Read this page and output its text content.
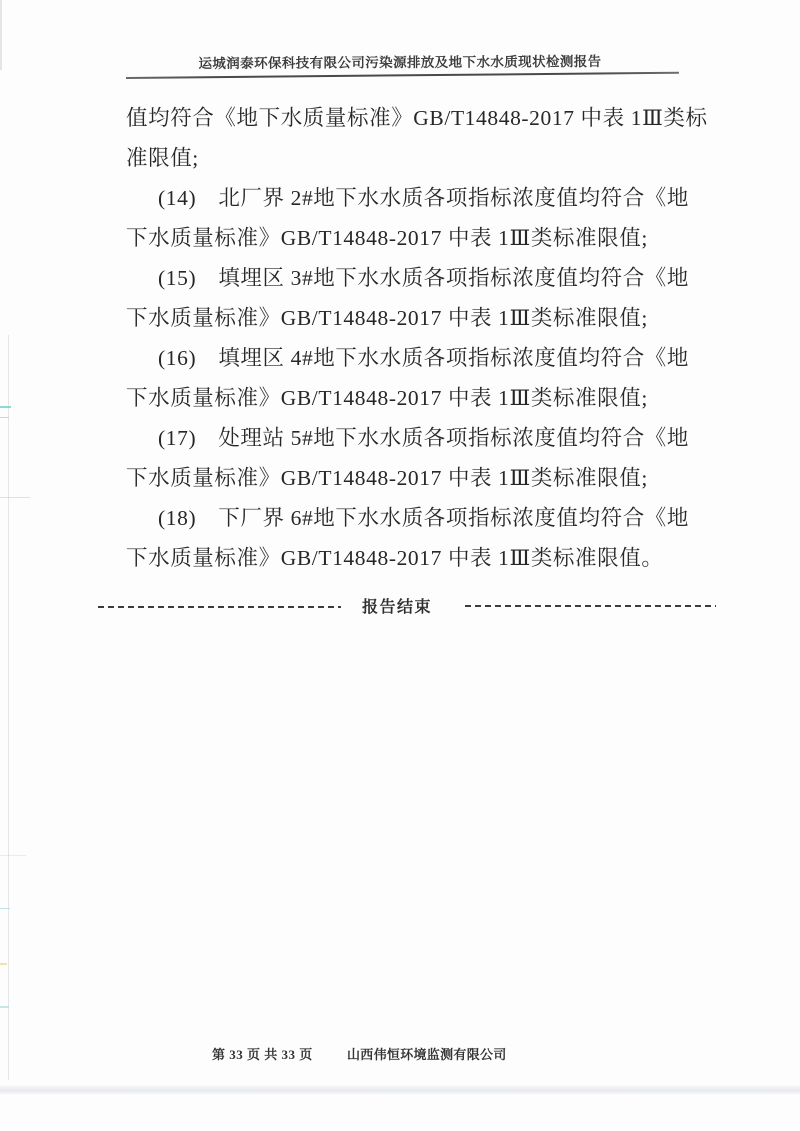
运城润泰环保科技有限公司污染源排放及地下水水质现状检测报告
值均符合《地下水质量标准》GB/T14848-2017 中表 1Ⅲ类标
准限值;
(14)　北厂界 2#地下水水质各项指标浓度值均符合《地
下水质量标准》GB/T14848-2017 中表 1Ⅲ类标准限值;
(15)　填埋区 3#地下水水质各项指标浓度值均符合《地
下水质量标准》GB/T14848-2017 中表 1Ⅲ类标准限值;
(16)　填埋区 4#地下水水质各项指标浓度值均符合《地
下水质量标准》GB/T14848-2017 中表 1Ⅲ类标准限值;
(17)　处理站 5#地下水水质各项指标浓度值均符合《地
下水质量标准》GB/T14848-2017 中表 1Ⅲ类标准限值;
(18)　下厂界 6#地下水水质各项指标浓度值均符合《地
下水质量标准》GB/T14848-2017 中表 1Ⅲ类标准限值。
报告结束
第 33 页 共 33 页	山西伟恒环境监测有限公司
